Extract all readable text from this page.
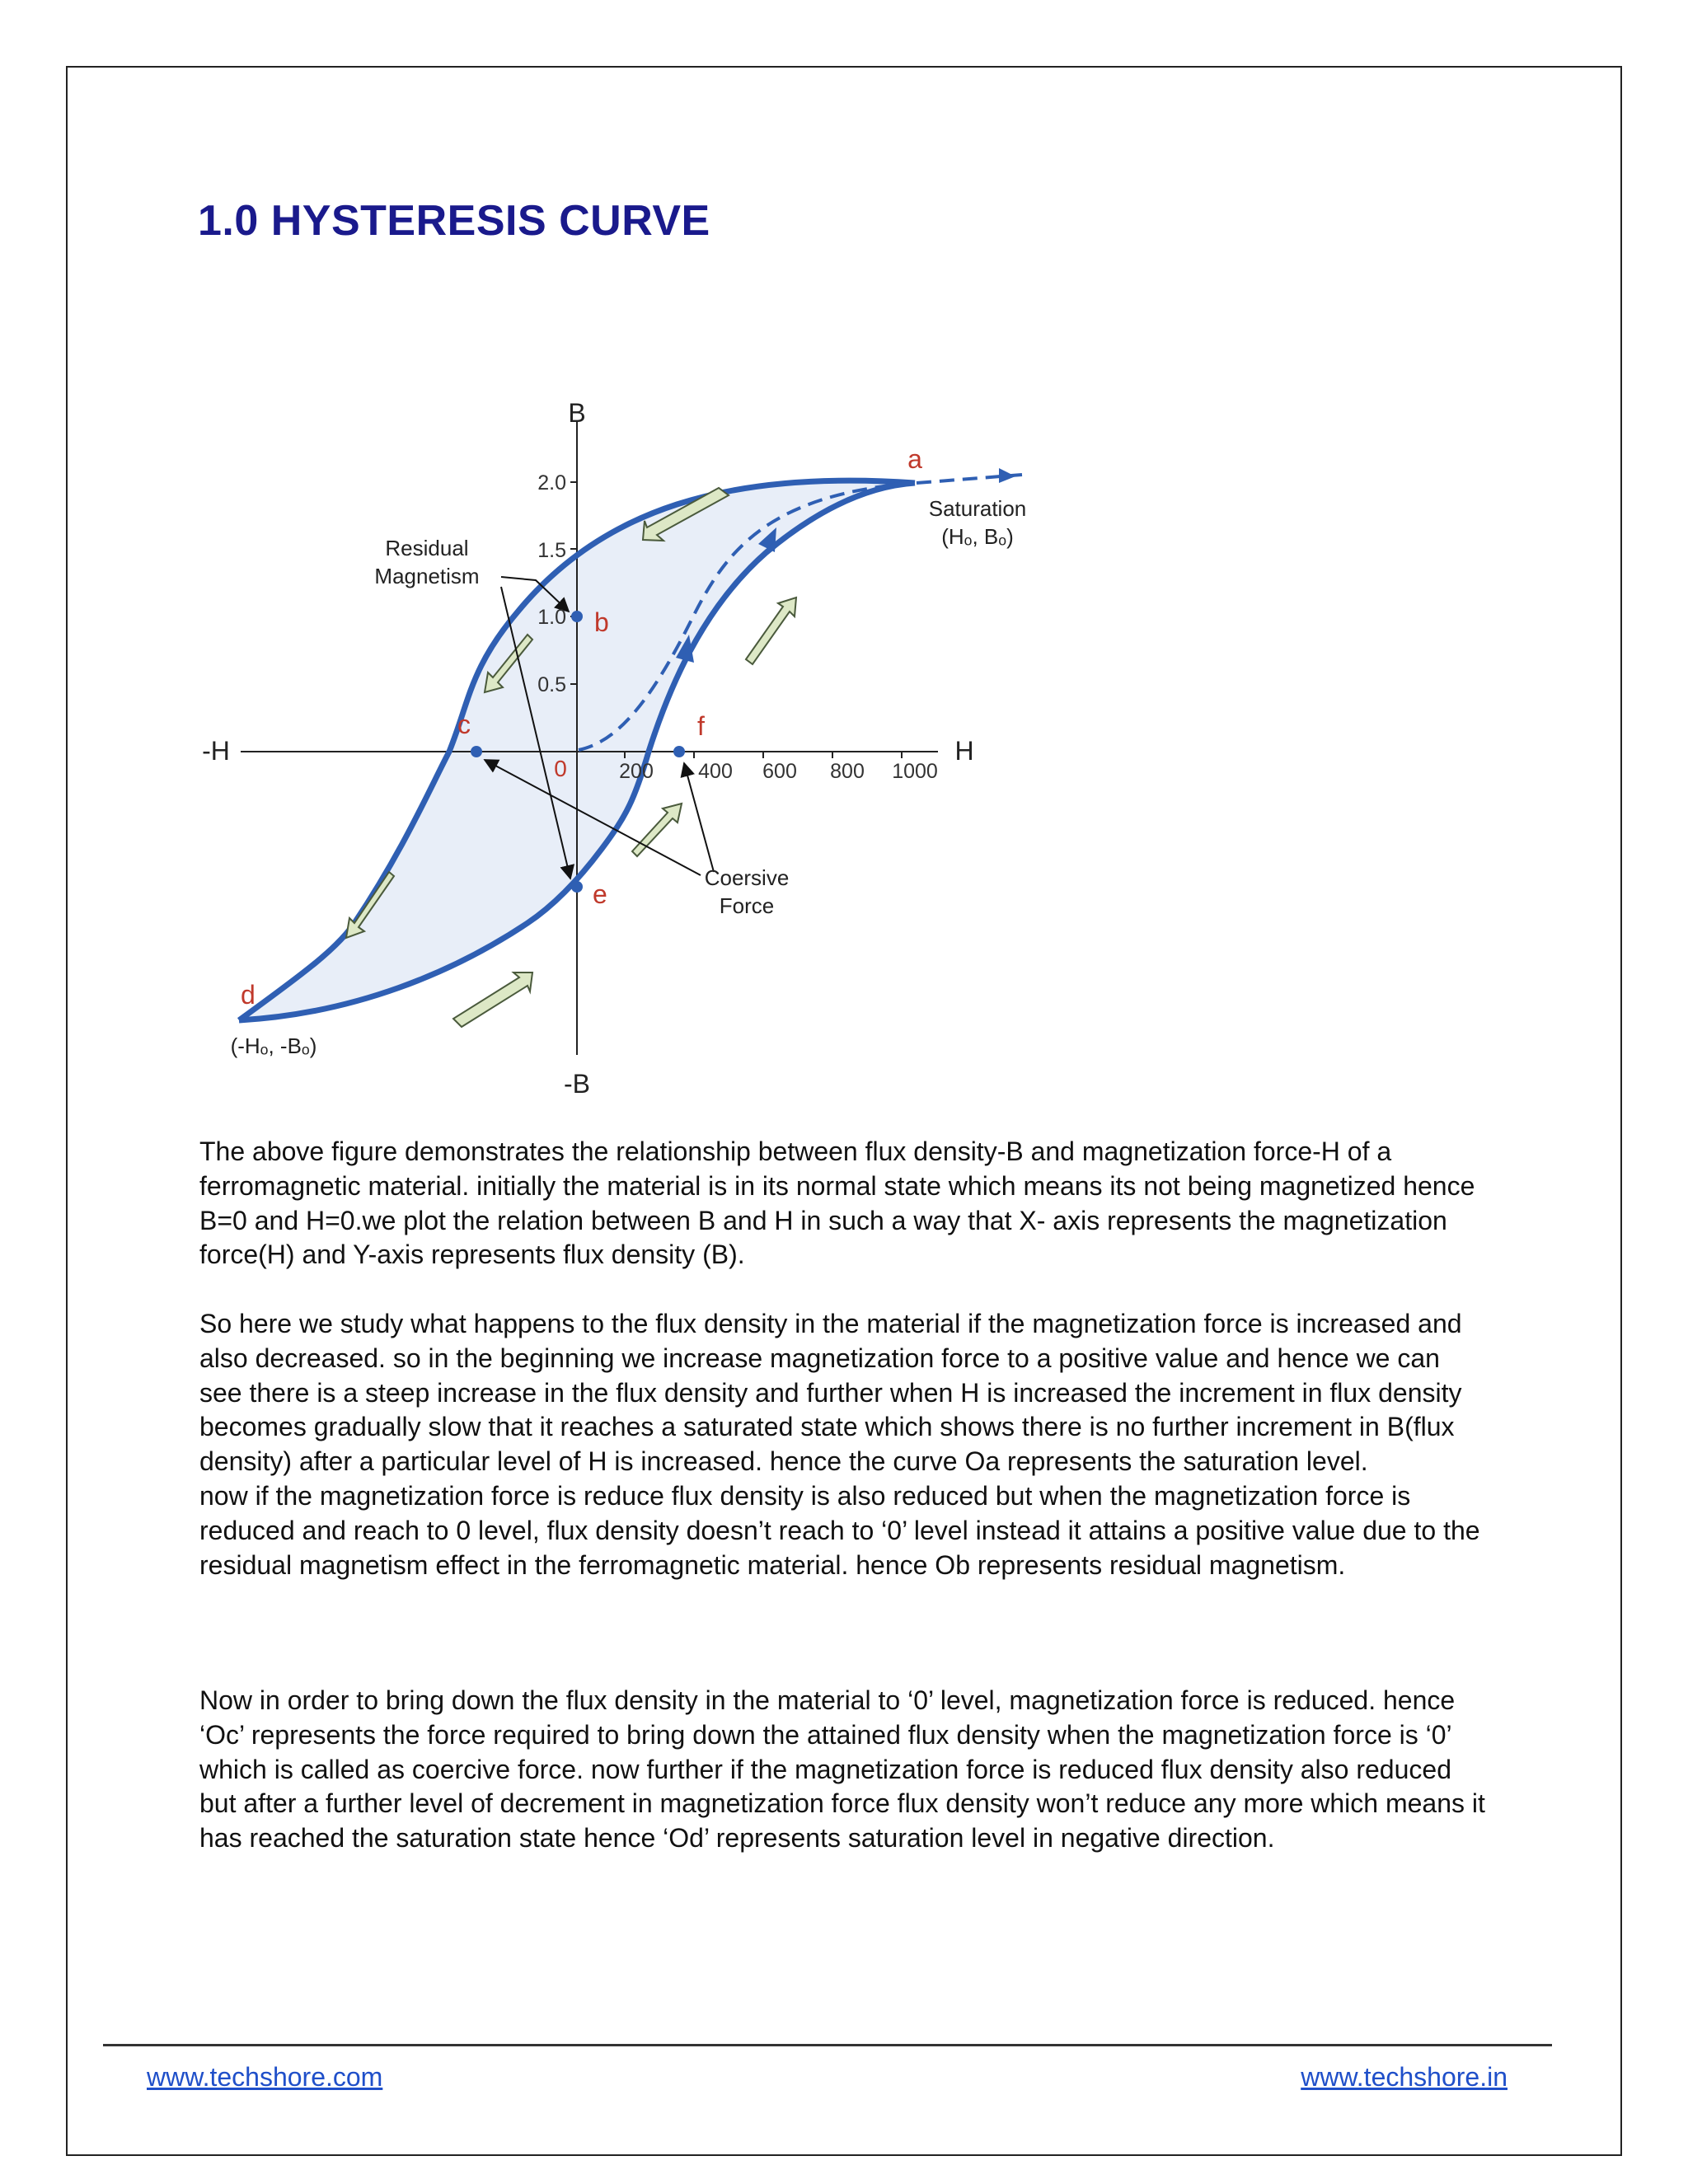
1.0 HYSTERESIS CURVE
B
-B
H
-H
0
2.0
1.5
1.0
0.5
200 400 600 800 1000
a
b
c
d
e
f
Saturation
(Hₒ, Bₒ)
(-Hₒ, -Bₒ)
Residual
Magnetism
Coersive
Force

The above figure demonstrates the relationship between flux density-B and magnetization force-H of a ferromagnetic material. initially the material is in its normal state which means its not being magnetized hence B=0 and H=0.we plot the relation between B and H in such a way that X- axis represents the magnetization force(H) and Y-axis represents flux density (B).

So here we study what happens to the flux density in the material if the magnetization force is increased and also decreased. so in the beginning we increase magnetization force to a positive value and hence we can see there is a steep increase in the flux density and further when H is increased the increment in flux density becomes gradually slow that it reaches a saturated state which shows there is no further increment in B(flux density) after a particular level of H is increased. hence the curve Oa represents the saturation level.
now if the magnetization force is reduce flux density is also reduced but when the magnetization force is reduced and reach to 0 level, flux density doesn’t reach to ‘0’ level instead it attains a positive value due to the residual magnetism effect in the ferromagnetic material. hence Ob represents residual magnetism.

Now in order to bring down the flux density in the material to ‘0’ level, magnetization force is reduced. hence ‘Oc’ represents the force required to bring down the attained flux density when the magnetization force is ‘0’ which is called as coercive force. now further if the magnetization force is reduced flux density also reduced but after a further level of decrement in magnetization force flux density won’t reduce any more which means it has reached the saturation state hence ‘Od’ represents saturation level in negative direction.

www.techshore.com	www.techshore.in
